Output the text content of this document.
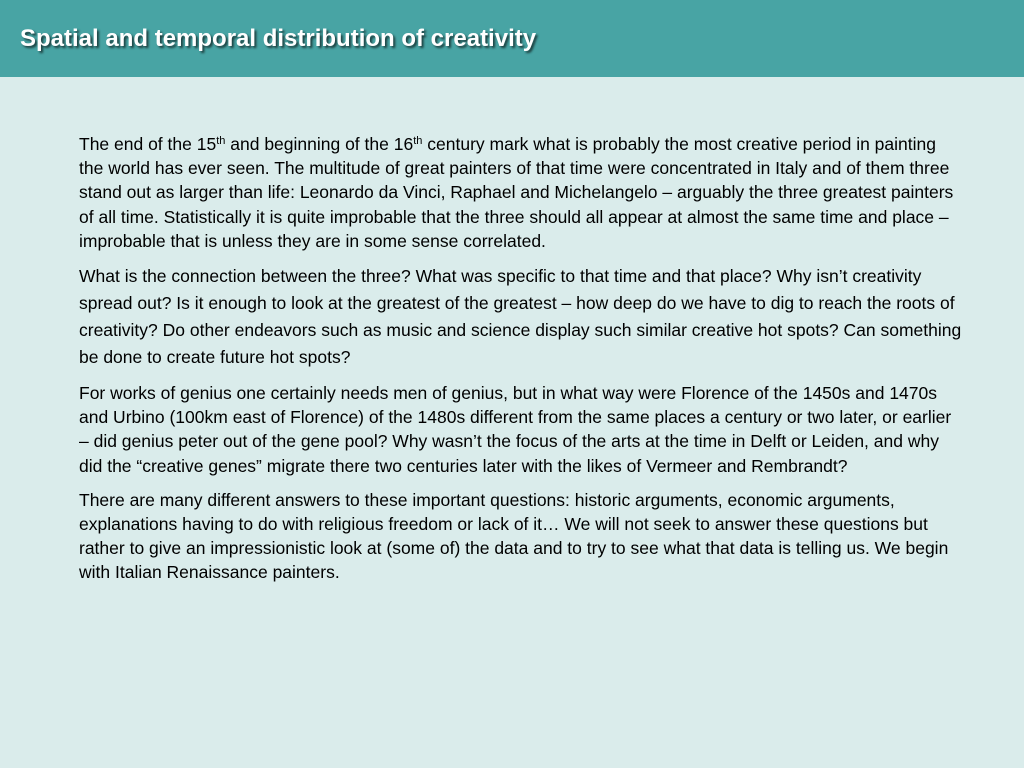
Spatial and temporal distribution of creativity

The end of the 15th and beginning of the 16th century mark what is probably the most creative period in painting the world has ever seen. The multitude of great painters of that time were concentrated in Italy and of them three stand out as larger than life: Leonardo da Vinci, Raphael and Michelangelo – arguably the three greatest painters of all time. Statistically it is quite improbable that the three should all appear at almost the same time and place – improbable that is unless they are in some sense correlated.

What is the connection between the three? What was specific to that time and that place? Why isn’t creativity spread out? Is it enough to look at the greatest of the greatest – how deep do we have to dig to reach the roots of creativity? Do other endeavors such as music and science display such similar creative hot spots? Can something be done to create future hot spots?

For works of genius one certainly needs men of genius, but in what way were Florence of the 1450s and 1470s and Urbino (100km east of Florence) of the 1480s different from the same places a century or two later, or earlier – did genius peter out of the gene pool? Why wasn’t the focus of the arts at the time in Delft or Leiden, and why did the “creative genes” migrate there two centuries later with the likes of Vermeer and Rembrandt?

There are many different answers to these important questions: historic arguments, economic arguments, explanations having to do with religious freedom or lack of it… We will not seek to answer these questions but rather to give an impressionistic look at (some of) the data and to try to see what that data is telling us. We begin with Italian Renaissance painters.
